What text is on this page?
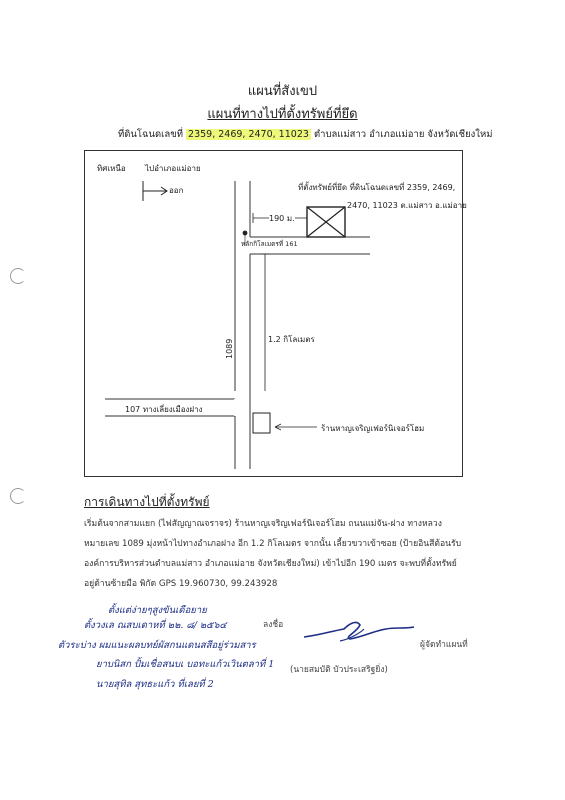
แผนที่สังเขป
แผนที่ทางไปที่ตั้งทรัพย์ที่ยึด
ที่ดินโฉนดเลขที่ 2359, 2469, 2470, 11023 ตำบลแม่สาว อำเภอแม่อาย จังหวัดเชียงใหม่
ทิศเหนือ ไปอำเภอแม่อาย
ออก	ที่ตั้งทรัพย์ที่ยึด ที่ดินโฉนดเลขที่ 2359, 2469,
2470, 11023 ต.แม่สาว อ.แม่อาย
190 ม.
หลักกิโลเมตรที่ 161
1.2 กิโลเมตร
1089
107 ทางเลี่ยงเมืองฝาง
ร้านหาญเจริญเฟอร์นิเจอร์โฮม
การเดินทางไปที่ตั้งทรัพย์
เริ่มต้นจากสามแยก (ไฟสัญญาณจราจร) ร้านหาญเจริญเฟอร์นิเจอร์โฮม ถนนแม่จัน-ฝาง ทางหลวง
หมายเลข 1089 มุ่งหน้าไปทางอำเภอฝาง อีก 1.2 กิโลเมตร จากนั้น เลี้ยวขวาเข้าซอย (ป้ายอินสีต้อนรับ
องค์การบริหารส่วนตำบลแม่สาว อำเภอแม่อาย จังหวัดเชียงใหม่) เข้าไปอีก 190 เมตร จะพบที่ตั้งทรัพย์
อยู่ด้านซ้ายมือ พิกัด GPS 19.960730, 99.243928
ตั้งแต่ง่ายๆสูงขันเดือยาย
ตั้งวงเล ณสบเดาหที่ ๒๒. ๘/ ๒๕๖๔
ตัวระบ่าง ผมแนะผลบทย์ผัสกนแดนสสีอยู่ร่วมสาร
ยาบนิสก ปั้มเชื่อสนบเ บอทะแก้วเวินตลาที่ 1
นายสุทิล สุทธะแก้ว ที่เลยที่ 2
ลงชื่อ
ผู้จัดทำแผนที่
(นายสมบัติ บัวประเสริฐยิ่ง)
